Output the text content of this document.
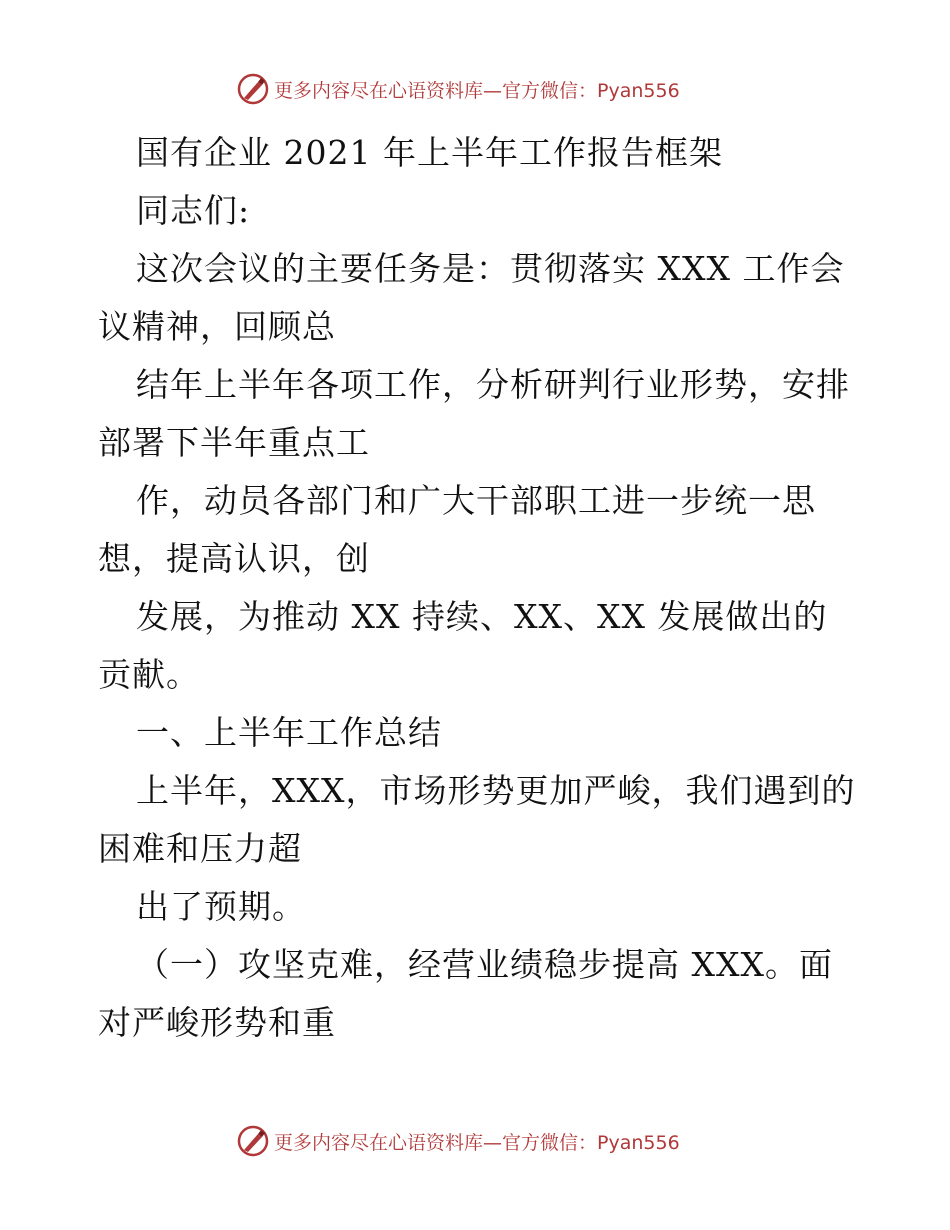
更多内容尽在心语资料库—官方微信：Pyan556

国有企业 2021 年上半年工作报告框架

同志们:

这次会议的主要任务是：贯彻落实 XXX 工作会议精神，回顾总

结年上半年各项工作，分析研判行业形势，安排部署下半年重点工

作，动员各部门和广大干部职工进一步统一思想，提高认识，创

发展，为推动 XX 持续、XX、XX 发展做出的贡献。

一、上半年工作总结

上半年，XXX，市场形势更加严峻，我们遇到的困难和压力超

出了预期。

（一）攻坚克难，经营业绩稳步提高 XXX。面对严峻形势和重

更多内容尽在心语资料库—官方微信：Pyan556
